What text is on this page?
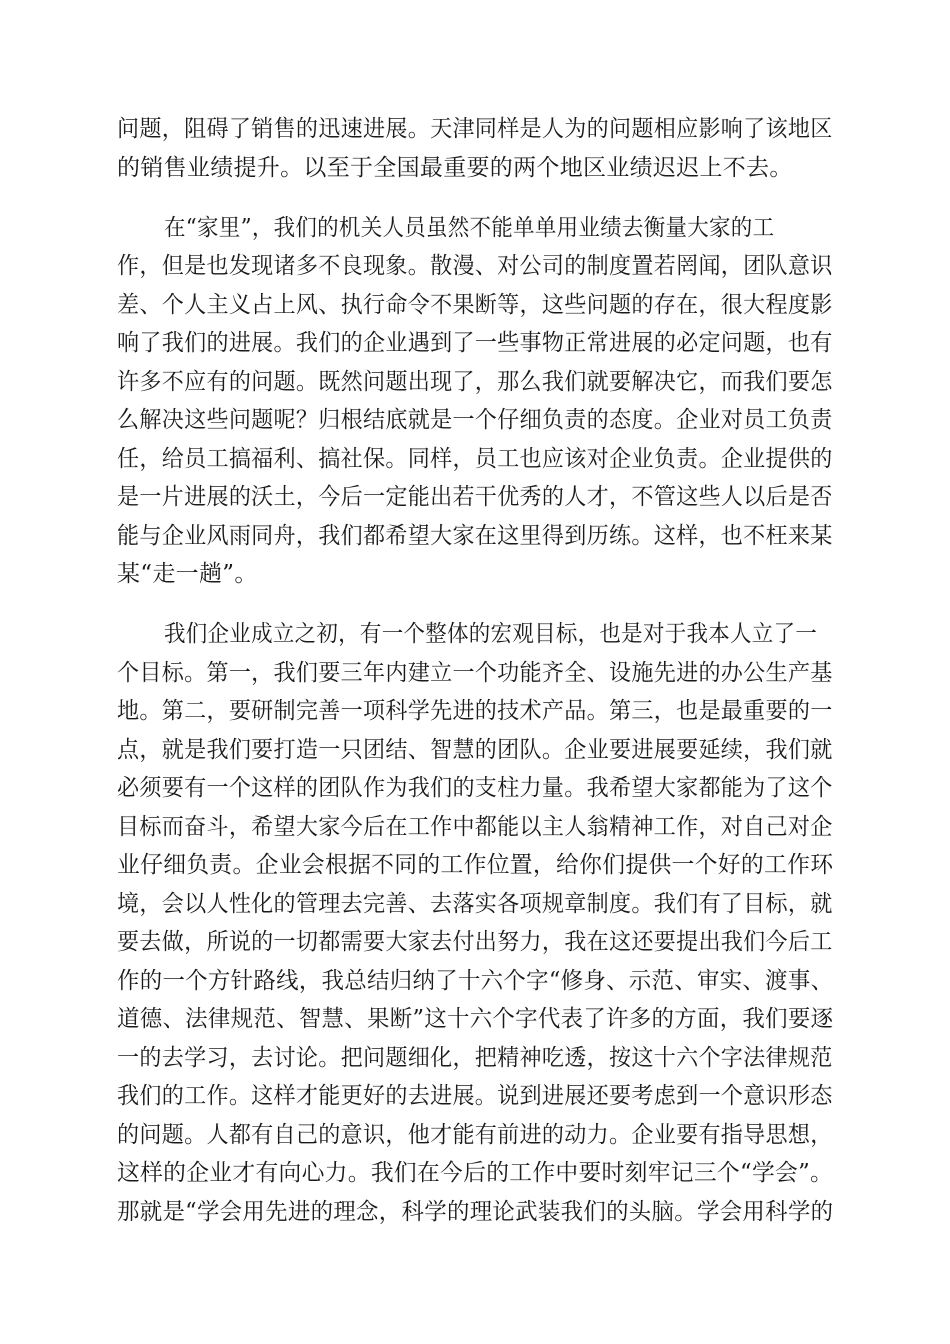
问题，阻碍了销售的迅速进展。天津同样是人为的问题相应影响了该地区
的销售业绩提升。以至于全国最重要的两个地区业绩迟迟上不去。
在“家里”，我们的机关人员虽然不能单单用业绩去衡量大家的工
作，但是也发现诸多不良现象。散漫、对公司的制度置若罔闻，团队意识
差、个人主义占上风、执行命令不果断等，这些问题的存在，很大程度影
响了我们的进展。我们的企业遇到了一些事物正常进展的必定问题，也有
许多不应有的问题。既然问题出现了，那么我们就要解决它，而我们要怎
么解决这些问题呢？归根结底就是一个仔细负责的态度。企业对员工负责
任，给员工搞福利、搞社保。同样，员工也应该对企业负责。企业提供的
是一片进展的沃土，今后一定能出若干优秀的人才，不管这些人以后是否
能与企业风雨同舟，我们都希望大家在这里得到历练。这样，也不枉来某
某“走一趟”。
我们企业成立之初，有一个整体的宏观目标，也是对于我本人立了一
个目标。第一，我们要三年内建立一个功能齐全、设施先进的办公生产基
地。第二，要研制完善一项科学先进的技术产品。第三，也是最重要的一
点，就是我们要打造一只团结、智慧的团队。企业要进展要延续，我们就
必须要有一个这样的团队作为我们的支柱力量。我希望大家都能为了这个
目标而奋斗，希望大家今后在工作中都能以主人翁精神工作，对自己对企
业仔细负责。企业会根据不同的工作位置，给你们提供一个好的工作环
境，会以人性化的管理去完善、去落实各项规章制度。我们有了目标，就
要去做，所说的一切都需要大家去付出努力，我在这还要提出我们今后工
作的一个方针路线，我总结归纳了十六个字“修身、示范、审实、渡事、
道德、法律规范、智慧、果断”这十六个字代表了许多的方面，我们要逐
一的去学习，去讨论。把问题细化，把精神吃透，按这十六个字法律规范
我们的工作。这样才能更好的去进展。说到进展还要考虑到一个意识形态
的问题。人都有自己的意识，他才能有前进的动力。企业要有指导思想，
这样的企业才有向心力。我们在今后的工作中要时刻牢记三个“学会”。
那就是“学会用先进的理念，科学的理论武装我们的头脑。学会用科学的
